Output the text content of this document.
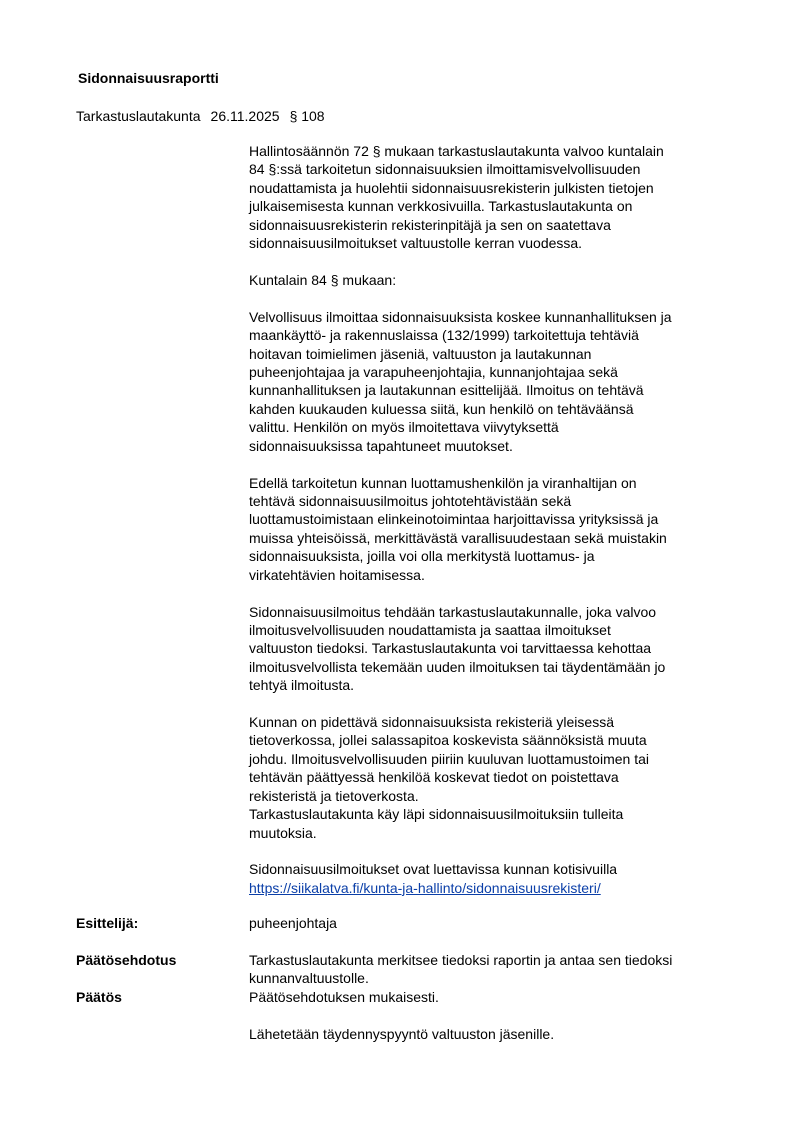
Sidonnaisuusraportti
Tarkastuslautakunta 26.11.2025 § 108
Hallintosäännön 72 § mukaan tarkastuslautakunta valvoo kuntalain
84 §:ssä tarkoitetun sidonnaisuuksien ilmoittamisvelvollisuuden
noudattamista ja huolehtii sidonnaisuusrekisterin julkisten tietojen
julkaisemisesta kunnan verkkosivuilla. Tarkastuslautakunta on
sidonnaisuusrekisterin rekisterinpitäjä ja sen on saatettava
sidonnaisuusilmoitukset valtuustolle kerran vuodessa.
Kuntalain 84 § mukaan:
Velvollisuus ilmoittaa sidonnaisuuksista koskee kunnanhallituksen ja
maankäyttö- ja rakennuslaissa (132/1999) tarkoitettuja tehtäviä
hoitavan toimielimen jäseniä, valtuuston ja lautakunnan
puheenjohtajaa ja varapuheenjohtajia, kunnanjohtajaa sekä
kunnanhallituksen ja lautakunnan esittelijää. Ilmoitus on tehtävä
kahden kuukauden kuluessa siitä, kun henkilö on tehtäväänsä
valittu. Henkilön on myös ilmoitettava viivytyksettä
sidonnaisuuksissa tapahtuneet muutokset.
Edellä tarkoitetun kunnan luottamushenkilön ja viranhaltijan on
tehtävä sidonnaisuusilmoitus johtotehtävistään sekä
luottamustoimistaan elinkeinotoimintaa harjoittavissa yrityksissä ja
muissa yhteisöissä, merkittävästä varallisuudestaan sekä muistakin
sidonnaisuuksista, joilla voi olla merkitystä luottamus- ja
virkatehtävien hoitamisessa.
Sidonnaisuusilmoitus tehdään tarkastuslautakunnalle, joka valvoo
ilmoitusvelvollisuuden noudattamista ja saattaa ilmoitukset
valtuuston tiedoksi. Tarkastuslautakunta voi tarvittaessa kehottaa
ilmoitusvelvollista tekemään uuden ilmoituksen tai täydentämään jo
tehtyä ilmoitusta.
Kunnan on pidettävä sidonnaisuuksista rekisteriä yleisessä
tietoverkossa, jollei salassapitoa koskevista säännöksistä muuta
johdu. Ilmoitusvelvollisuuden piiriin kuuluvan luottamustoimen tai
tehtävän päättyessä henkilöä koskevat tiedot on poistettava
rekisteristä ja tietoverkosta.
Tarkastuslautakunta käy läpi sidonnaisuusilmoituksiin tulleita
muutoksia.
Sidonnaisuusilmoitukset ovat luettavissa kunnan kotisivuilla
https://siikalatva.fi/kunta-ja-hallinto/sidonnaisuusrekisteri/
Esittelijä:	puheenjohtaja
Päätösehdotus	Tarkastuslautakunta merkitsee tiedoksi raportin ja antaa sen tiedoksi
kunnanvaltuustolle.
Päätös	Päätösehdotuksen mukaisesti.
Lähetetään täydennyspyyntö valtuuston jäsenille.
